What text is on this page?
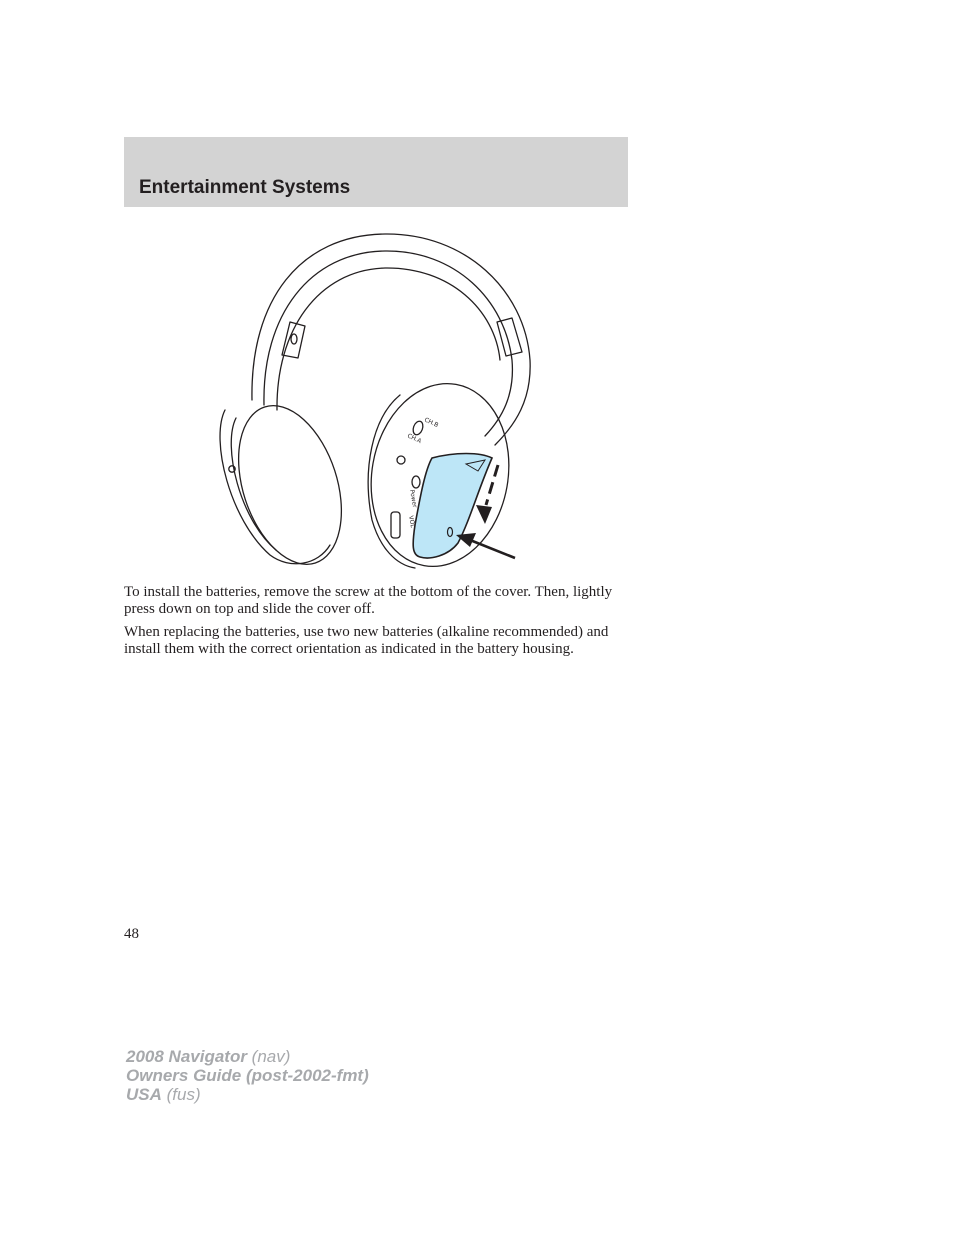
Entertainment Systems
CH.B
CH.A
Power
VOL

To install the batteries, remove the screw at the bottom of the cover. Then, lightly press down on top and slide the cover off.

When replacing the batteries, use two new batteries (alkaline recommended) and install them with the correct orientation as indicated in the battery housing.

48
2008 Navigator (nav)
Owners Guide (post-2002-fmt)
USA (fus)
